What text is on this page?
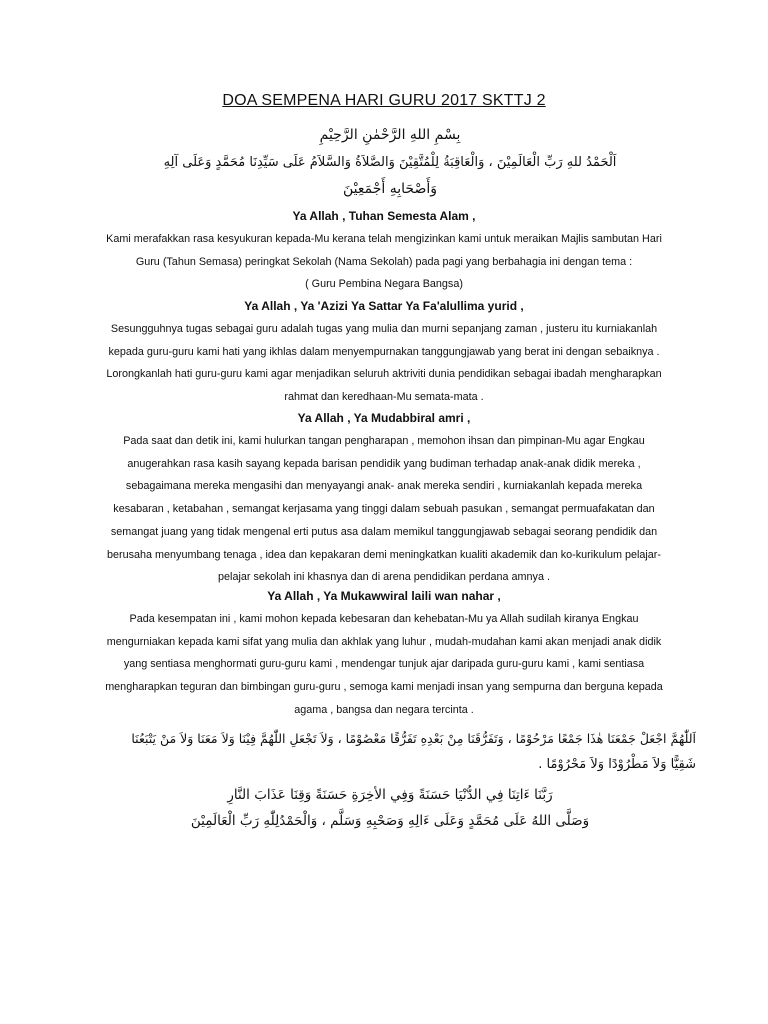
DOA SEMPENA HARI GURU 2017 SKTTJ 2
بِسْمِ اللهِ الرَّحْمٰنِ الرَّحِيْمِ
اَلْحَمْدُ للهِ رَبِّ الْعَالَمِيْنَ ، وَالْعَاقِبَةُ لِلْمُتَّقِيْنَ وَالصَّلاَةُ وَالسَّلاَمُ عَلَى سَيِّدِنَا مُحَمَّدٍ وَعَلَى آلِهِ
وَأَصْحَابِهِ أَجْمَعِيْنَ
Ya Allah , Tuhan Semesta Alam ,
Kami merafakkan rasa kesyukuran kepada-Mu kerana telah mengizinkan kami untuk meraikan Majlis sambutan Hari
Guru (Tahun Semasa) peringkat Sekolah (Nama Sekolah) pada pagi yang berbahagia ini dengan tema :
( Guru Pembina Negara Bangsa)
Ya Allah , Ya 'Azizi Ya Sattar Ya Fa'alullima yurid ,
Sesungguhnya tugas sebagai guru adalah tugas yang mulia dan murni sepanjang zaman , justeru itu kurniakanlah
kepada guru-guru kami hati yang ikhlas dalam menyempurnakan tanggungjawab yang berat ini dengan sebaiknya .
Lorongkanlah hati guru-guru kami agar menjadikan seluruh aktriviti dunia pendidikan sebagai ibadah mengharapkan
rahmat dan keredhaan-Mu semata-mata .
Ya Allah , Ya Mudabbiral amri ,
Pada saat dan detik ini, kami hulurkan tangan pengharapan , memohon ihsan dan pimpinan-Mu agar Engkau
anugerahkan rasa kasih sayang kepada barisan pendidik yang budiman terhadap anak-anak didik mereka ,
sebagaimana mereka mengasihi dan menyayangi anak- anak mereka sendiri , kurniakanlah kepada mereka
kesabaran , ketabahan , semangat kerjasama yang tinggi dalam sebuah pasukan , semangat permuafakatan dan
semangat juang yang tidak mengenal erti putus asa dalam memikul tanggungjawab sebagai seorang pendidik dan
berusaha menyumbang tenaga , idea dan kepakaran demi meningkatkan kualiti akademik dan ko-kurikulum pelajar-
pelajar sekolah ini khasnya dan di arena pendidikan perdana amnya .
Ya Allah , Ya Mukawwiral laili wan nahar ,
Pada kesempatan ini , kami mohon kepada kebesaran dan kehebatan-Mu ya Allah sudilah kiranya Engkau
mengurniakan kepada kami sifat yang mulia dan akhlak yang luhur , mudah-mudahan kami akan menjadi anak didik
yang sentiasa menghormati guru-guru kami , mendengar tunjuk ajar daripada guru-guru kami , kami sentiasa
mengharapkan teguran dan bimbingan guru-guru , semoga kami menjadi insan yang sempurna dan berguna kepada
agama , bangsa dan negara tercinta .
اَللّٰهُمَّ اجْعَلْ جَمْعَنَا هٰذَا جَمْعًا مَرْحُوْمًا ، وَتَفَرُّقَنَا مِنْ بَعْدِهِ تَفَرُّقًا مَعْصُوْمًا ، وَلاَ تَجْعَلِ اللّٰهُمَّ فِيْنَا وَلاَ مَعَنَا وَلاَ مَنْ يَتْبَعُنَا
شَقِيًّا وَلاَ مَطْرُوْدًا وَلاَ مَحْرُوْمًا .
رَبَّنَا ءَاتِنَا فِي الدُّنْيَا حَسَنَةً وَفِي الأخِرَةِ حَسَنَةً وَقِنَا عَذَابَ النَّارِ
وَصَلَّى اللهُ عَلَى مُحَمَّدٍ وَعَلَى ءَالِهِ وَصَحْبِهِ وَسَلَّم ، وَالْحَمْدُلِلّٰهِ رَبِّ الْعَالَمِيْنَ
